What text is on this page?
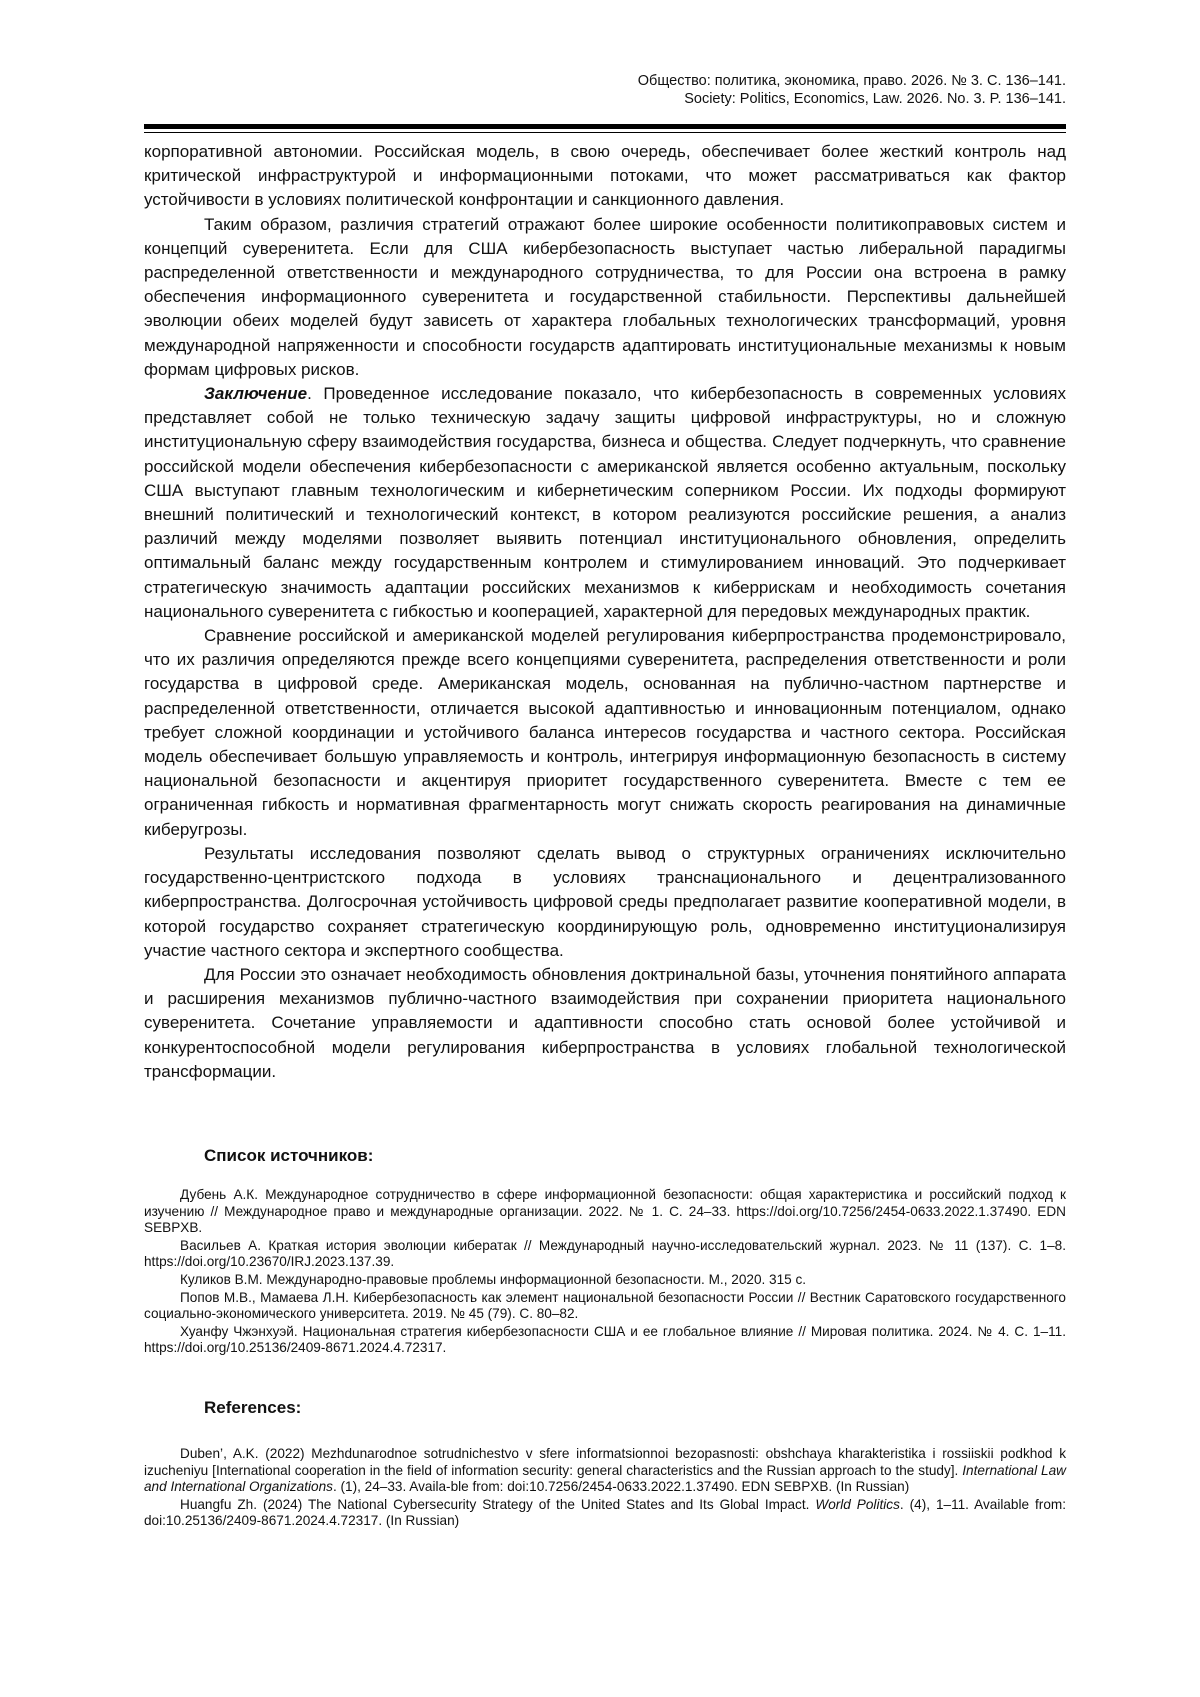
Общество: политика, экономика, право. 2026. № 3. С. 136–141.
Society: Politics, Economics, Law. 2026. No. 3. P. 136–141.

корпоративной автономии. Российская модель, в свою очередь, обеспечивает более жесткий контроль над критической инфраструктурой и информационными потоками, что может рассматриваться как фактор устойчивости в условиях политической конфронтации и санкционного давления.

Таким образом, различия стратегий отражают более широкие особенности политикоправовых систем и концепций суверенитета. Если для США кибербезопасность выступает частью либеральной парадигмы распределенной ответственности и международного сотрудничества, то для России она встроена в рамку обеспечения информационного суверенитета и государственной стабильности. Перспективы дальнейшей эволюции обеих моделей будут зависеть от характера глобальных технологических трансформаций, уровня международной напряженности и способности государств адаптировать институциональные механизмы к новым формам цифровых рисков.

Заключение. Проведенное исследование показало, что кибербезопасность в современных условиях представляет собой не только техническую задачу защиты цифровой инфраструктуры, но и сложную институциональную сферу взаимодействия государства, бизнеса и общества. Следует подчеркнуть, что сравнение российской модели обеспечения кибербезопасности с американской является особенно актуальным, поскольку США выступают главным технологическим и кибернетическим соперником России. Их подходы формируют внешний политический и технологический контекст, в котором реализуются российские решения, а анализ различий между моделями позволяет выявить потенциал институционального обновления, определить оптимальный баланс между государственным контролем и стимулированием инноваций. Это подчеркивает стратегическую значимость адаптации российских механизмов к киберрискам и необходимость сочетания национального суверенитета с гибкостью и кооперацией, характерной для передовых международных практик.

Сравнение российской и американской моделей регулирования киберпространства продемонстрировало, что их различия определяются прежде всего концепциями суверенитета, распределения ответственности и роли государства в цифровой среде. Американская модель, основанная на публично-частном партнерстве и распределенной ответственности, отличается высокой адаптивностью и инновационным потенциалом, однако требует сложной координации и устойчивого баланса интересов государства и частного сектора. Российская модель обеспечивает большую управляемость и контроль, интегрируя информационную безопасность в систему национальной безопасности и акцентируя приоритет государственного суверенитета. Вместе с тем ее ограниченная гибкость и нормативная фрагментарность могут снижать скорость реагирования на динамичные киберугрозы.

Результаты исследования позволяют сделать вывод о структурных ограничениях исключительно государственно-центристского подхода в условиях транснационального и децентрализованного киберпространства. Долгосрочная устойчивость цифровой среды предполагает развитие кооперативной модели, в которой государство сохраняет стратегическую координирующую роль, одновременно институционализируя участие частного сектора и экспертного сообщества.

Для России это означает необходимость обновления доктринальной базы, уточнения понятийного аппарата и расширения механизмов публично-частного взаимодействия при сохранении приоритета национального суверенитета. Сочетание управляемости и адаптивности способно стать основой более устойчивой и конкурентоспособной модели регулирования киберпространства в условиях глобальной технологической трансформации.

Список источников:

Дубень А.К. Международное сотрудничество в сфере информационной безопасности: общая характеристика и российский подход к изучению // Международное право и международные организации. 2022. № 1. С. 24–33. https://doi.org/10.7256/2454-0633.2022.1.37490. EDN SEBPXB.

Васильев А. Краткая история эволюции кибератак // Международный научно-исследовательский журнал. 2023. № 11 (137). С. 1–8. https://doi.org/10.23670/IRJ.2023.137.39.

Куликов В.М. Международно-правовые проблемы информационной безопасности. М., 2020. 315 с.

Попов М.В., Мамаева Л.Н. Кибербезопасность как элемент национальной безопасности России // Вестник Саратовского государственного социально-экономического университета. 2019. № 45 (79). С. 80–82.

Хуанфу Чжэнхуэй. Национальная стратегия кибербезопасности США и ее глобальное влияние // Мировая политика. 2024. № 4. С. 1–11. https://doi.org/10.25136/2409-8671.2024.4.72317.

References:

Duben’, A.K. (2022) Mezhdunarodnoe sotrudnichestvo v sfere informatsionnoi bezopasnosti: obshchaya kharakteristika i rossiiskii podkhod k izucheniyu [International cooperation in the field of information security: general characteristics and the Russian approach to the study]. International Law and International Organizations. (1), 24–33. Availa-ble from: doi:10.7256/2454-0633.2022.1.37490. EDN SEBPXB. (In Russian)

Huangfu Zh. (2024) The National Cybersecurity Strategy of the United States and Its Global Impact. World Politics. (4), 1–11. Available from: doi:10.25136/2409-8671.2024.4.72317. (In Russian)
